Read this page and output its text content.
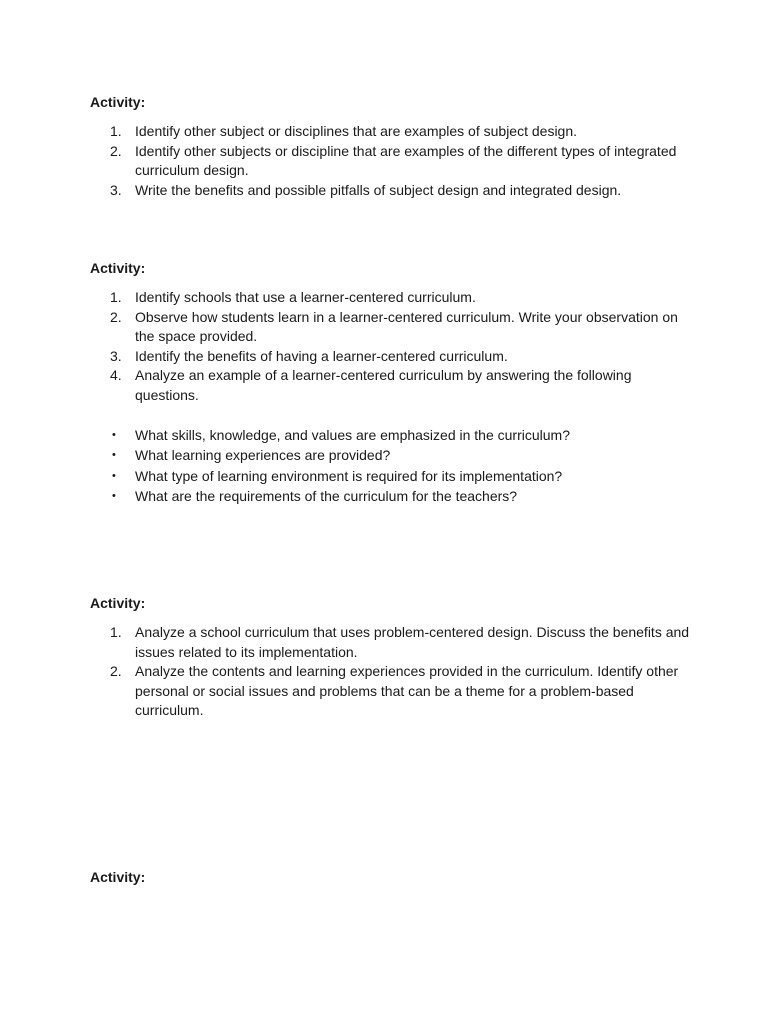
Activity:

1. Identify other subject or disciplines that are examples of subject design.
2. Identify other subjects or discipline that are examples of the different types of integrated curriculum design.
3. Write the benefits and possible pitfalls of subject design and integrated design.

Activity:

1. Identify schools that use a learner-centered curriculum.
2. Observe how students learn in a learner-centered curriculum. Write your observation on the space provided.
3. Identify the benefits of having a learner-centered curriculum.
4. Analyze an example of a learner-centered curriculum by answering the following questions.
• What skills, knowledge, and values are emphasized in the curriculum?
• What learning experiences are provided?
• What type of learning environment is required for its implementation?
• What are the requirements of the curriculum for the teachers?

Activity:

1. Analyze a school curriculum that uses problem-centered design. Discuss the benefits and issues related to its implementation.
2. Analyze the contents and learning experiences provided in the curriculum. Identify other personal or social issues and problems that can be a theme for a problem-based curriculum.

Activity:
